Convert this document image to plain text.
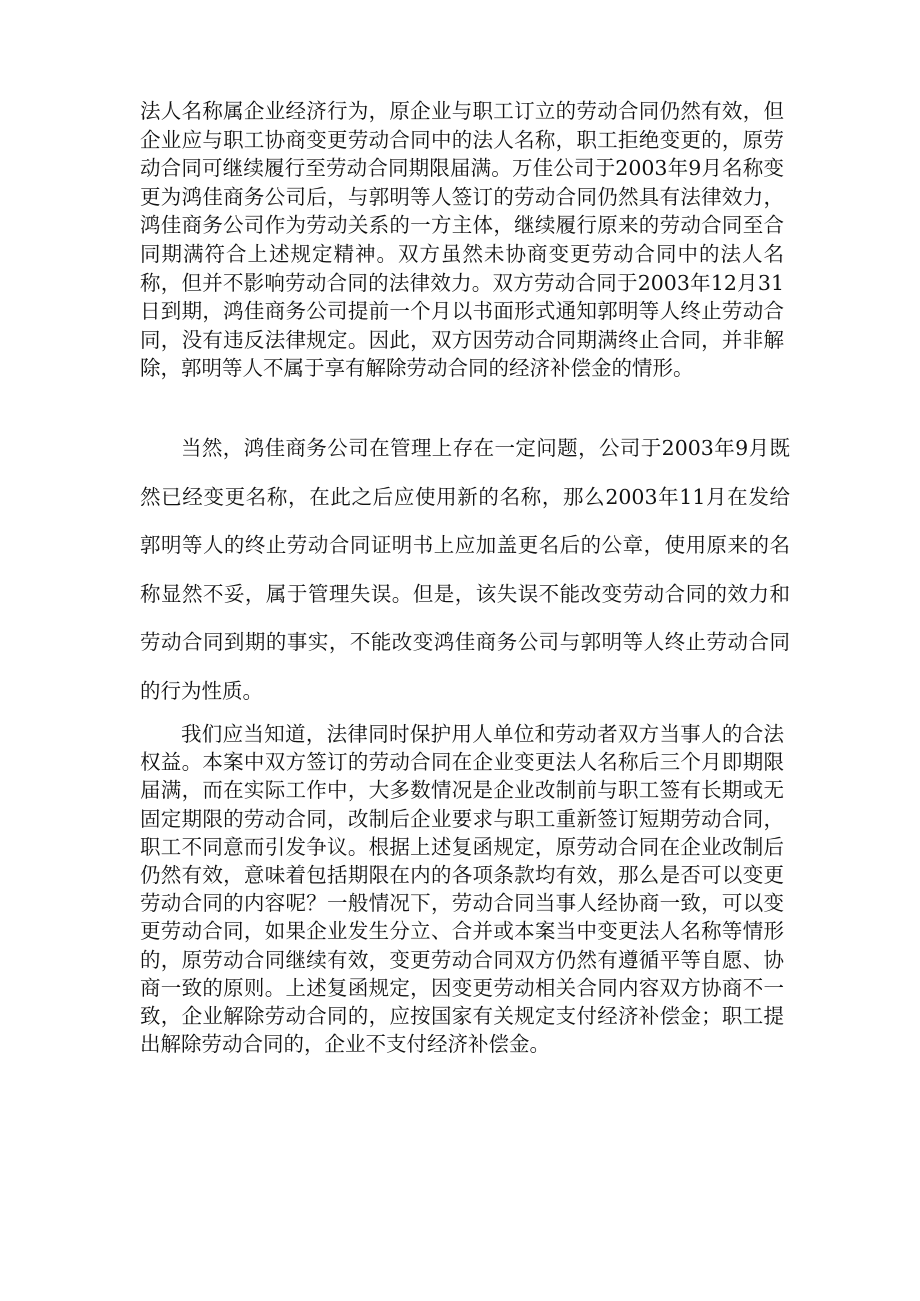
法人名称属企业经济行为，原企业与职工订立的劳动合同仍然有效，但企业应与职工协商变更劳动合同中的法人名称，职工拒绝变更的，原劳动合同可继续履行至劳动合同期限届满。万佳公司于2003年9月名称变更为鸿佳商务公司后，与郭明等人签订的劳动合同仍然具有法律效力，鸿佳商务公司作为劳动关系的一方主体，继续履行原来的劳动合同至合同期满符合上述规定精神。双方虽然未协商变更劳动合同中的法人名称，但并不影响劳动合同的法律效力。双方劳动合同于2003年12月31日到期，鸿佳商务公司提前一个月以书面形式通知郭明等人终止劳动合同，没有违反法律规定。因此，双方因劳动合同期满终止合同，并非解除，郭明等人不属于享有解除劳动合同的经济补偿金的情形。

当然，鸿佳商务公司在管理上存在一定问题，公司于2003年9月既然已经变更名称，在此之后应使用新的名称，那么2003年11月在发给郭明等人的终止劳动合同证明书上应加盖更名后的公章，使用原来的名称显然不妥，属于管理失误。但是，该失误不能改变劳动合同的效力和劳动合同到期的事实，不能改变鸿佳商务公司与郭明等人终止劳动合同的行为性质。

我们应当知道，法律同时保护用人单位和劳动者双方当事人的合法权益。本案中双方签订的劳动合同在企业变更法人名称后三个月即期限届满，而在实际工作中，大多数情况是企业改制前与职工签有长期或无固定期限的劳动合同，改制后企业要求与职工重新签订短期劳动合同，职工不同意而引发争议。根据上述复函规定，原劳动合同在企业改制后仍然有效，意味着包括期限在内的各项条款均有效，那么是否可以变更劳动合同的内容呢？一般情况下，劳动合同当事人经协商一致，可以变更劳动合同，如果企业发生分立、合并或本案当中变更法人名称等情形的，原劳动合同继续有效，变更劳动合同双方仍然有遵循平等自愿、协商一致的原则。上述复函规定，因变更劳动相关合同内容双方协商不一致，企业解除劳动合同的，应按国家有关规定支付经济补偿金；职工提出解除劳动合同的，企业不支付经济补偿金。
